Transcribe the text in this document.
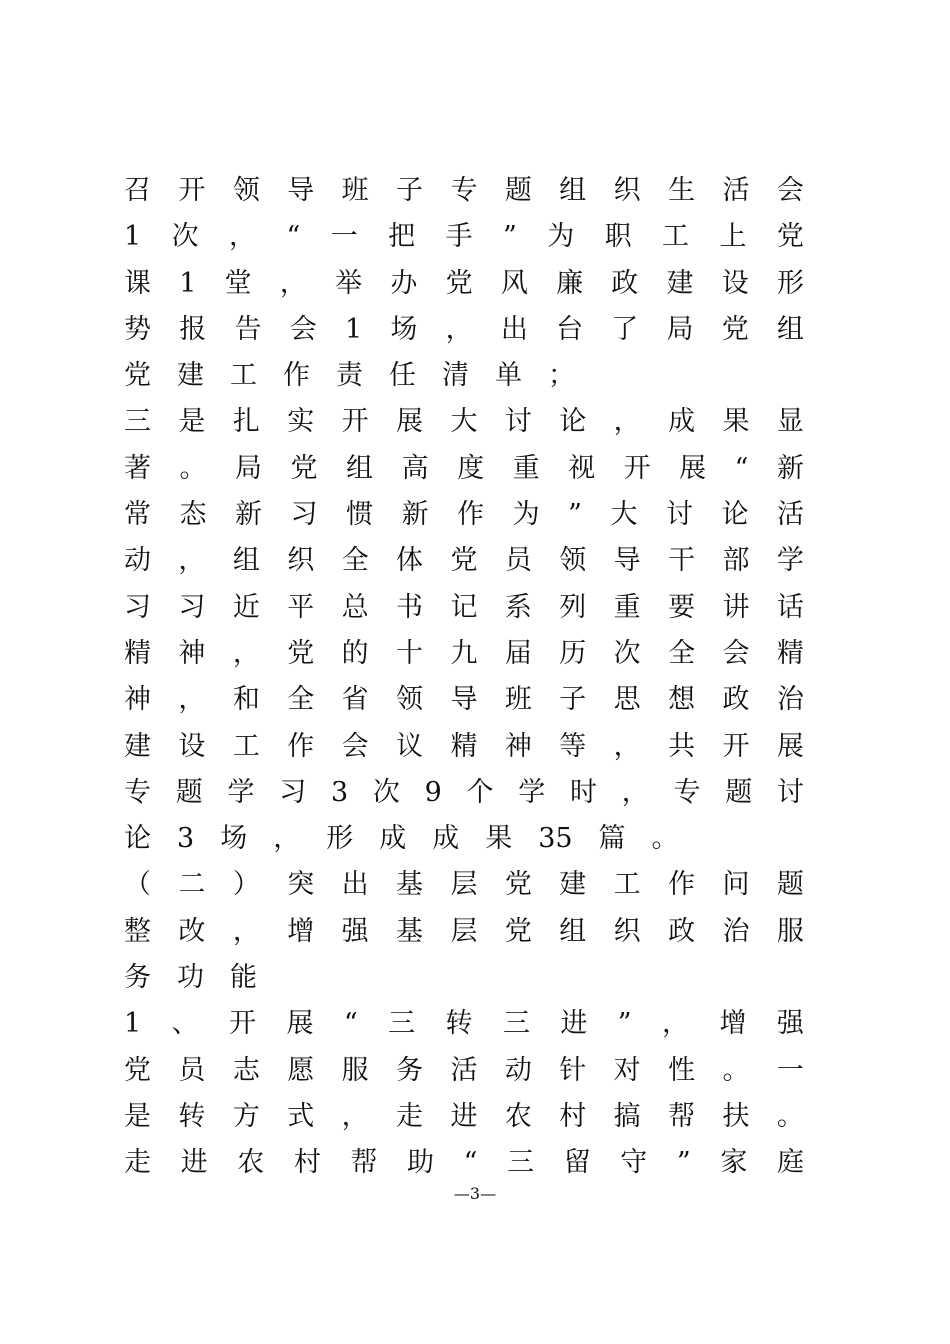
召 开 领 导 班 子 专 题 组 织 生 活 会
1 次 ， “ 一 把 手 ” 为 职 工 上 党
课 1 堂 ， 举 办 党 风 廉 政 建 设 形
势 报 告 会 1 场 ， 出 台 了 局 党 组
党 建 工 作 责 任 清 单 ；
三 是 扎 实 开 展 大 讨 论 ， 成 果 显
著 。 局 党 组 高 度 重 视 开 展 “ 新
常 态 新 习 惯 新 作 为 ” 大 讨 论 活
动 ， 组 织 全 体 党 员 领 导 干 部 学
习 习 近 平 总 书 记 系 列 重 要 讲 话
精 神 ， 党 的 十 九 届 历 次 全 会 精
神 ， 和 全 省 领 导 班 子 思 想 政 治
建 设 工 作 会 议 精 神 等 ， 共 开 展
专 题 学 习 3 次 9 个 学 时 ， 专 题 讨
论 3 场 ， 形 成 成 果 35 篇 。
（ 二 ） 突 出 基 层 党 建 工 作 问 题
整 改 ， 增 强 基 层 党 组 织 政 治 服
务 功 能
1 、 开 展 “ 三 转 三 进 ” ， 增 强
党 员 志 愿 服 务 活 动 针 对 性 。 一
是 转 方 式 ， 走 进 农 村 搞 帮 扶 。
走 进 农 村 帮 助 “ 三 留 守 ” 家 庭
—3—
